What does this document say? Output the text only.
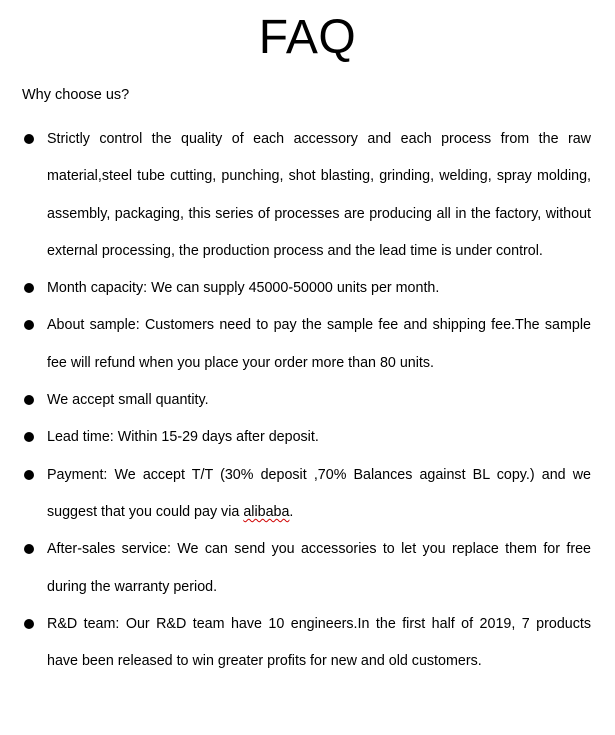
FAQ
Why choose us?
Strictly control the quality of each accessory and each process from the raw material,steel tube cutting, punching, shot blasting, grinding, welding, spray molding, assembly, packaging, this series of processes are producing all in the factory, without external processing, the production process and the lead time is under control.
Month capacity: We can supply 45000-50000 units per month.
About sample: Customers need to pay the sample fee and shipping fee.The sample fee will refund when you place your order more than 80 units.
We accept small quantity.
Lead time: Within 15-29 days after deposit.
Payment: We accept T/T (30% deposit ,70% Balances against BL copy.) and we suggest that you could pay via alibaba.
After-sales service: We can send you accessories to let you replace them for free during the warranty period.
R&D team: Our R&D team have 10 engineers.In the first half of 2019, 7 products have been released to win greater profits for new and old customers.
